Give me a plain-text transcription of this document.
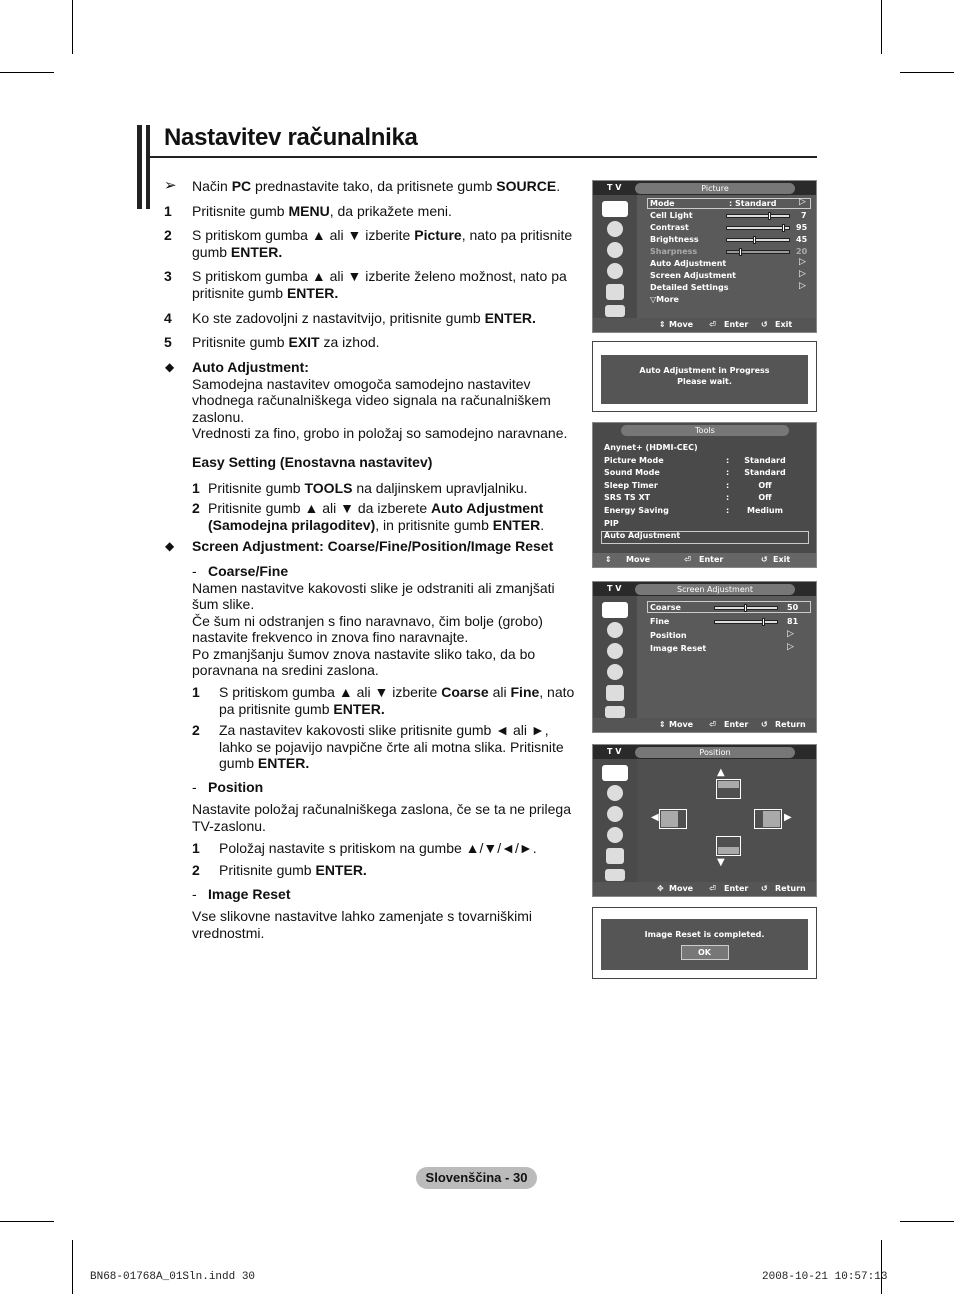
Nastavitev računalnika
➢ Način PC prednastavite tako, da pritisnete gumb SOURCE.
1 Pritisnite gumb MENU, da prikažete meni.
2 S pritiskom gumba ▲ ali ▼ izberite Picture, nato pa pritisnite
gumb ENTER.
3 S pritiskom gumba ▲ ali ▼ izberite želeno možnost, nato pa
pritisnite gumb ENTER.
4 Ko ste zadovoljni z nastavitvijo, pritisnite gumb ENTER.
5 Pritisnite gumb EXIT za izhod.
◆ Auto Adjustment:
Samodejna nastavitev omogoča samodejno nastavitev
vhodnega računalniškega video signala na računalniškem
zaslonu.
Vrednosti za fino, grobo in položaj so samodejno naravnane.
Easy Setting (Enostavna nastavitev)
1 Pritisnite gumb TOOLS na daljinskem upravljalniku.
2 Pritisnite gumb ▲ ali ▼ da izberete Auto Adjustment
(Samodejna prilagoditev), in pritisnite gumb ENTER.
◆ Screen Adjustment: Coarse/Fine/Position/Image Reset
- Coarse/Fine
Namen nastavitve kakovosti slike je odstraniti ali zmanjšati
šum slike.
Če šum ni odstranjen s fino naravnavo, čim bolje (grobo)
nastavite frekvenco in znova fino naravnajte.
Po zmanjšanju šumov znova nastavite sliko tako, da bo
poravnana na sredini zaslona.
1 S pritiskom gumba ▲ ali ▼ izberite Coarse ali Fine, nato
pa pritisnite gumb ENTER.
2 Za nastavitev kakovosti slike pritisnite gumb ◄ ali ►,
lahko se pojavijo navpične črte ali motna slika. Pritisnite
gumb ENTER.
- Position
Nastavite položaj računalniškega zaslona, če se ta ne prilega
TV-zaslonu.
1 Položaj nastavite s pritiskom na gumbe ▲/▼/◄/►.
2 Pritisnite gumb ENTER.
- Image Reset
Vse slikovne nastavitve lahko zamenjate s tovarniškimi
vrednostmi.
T V	Picture
Mode	: Standard	▷
Cell Light	7
Contrast	95
Brightness	45
Sharpness	20
Auto Adjustment	▷
Screen Adjustment	▷
Detailed Settings	▷
▽More
⇕ Move ⏎ Enter ↺ Exit
Auto Adjustment in Progress
Please wait.
Tools
⇕ Move	⏎ Enter	↺ Exit
Anynet+ (HDMI-CEC)
Picture Mode	: Standard
Sound Mode	: Standard
Sleep Timer	:	Off
SRS TS XT	:	Off
Energy Saving	:	Medium
PIP
Auto Adjustment
T V	Screen Adjustment
Coarse	50
Fine	81
Position	▷
Image Reset	▷
⇕ Move ⏎ Enter ↺ Return
T V	Position
▲
◀	▶
▼
✥ Move ⏎ Enter ↺ Return
Image Reset is completed.
OK
Slovenščina - 30
BN68-01768A_01Sln.indd 30	2008-10-21 10:57:13
